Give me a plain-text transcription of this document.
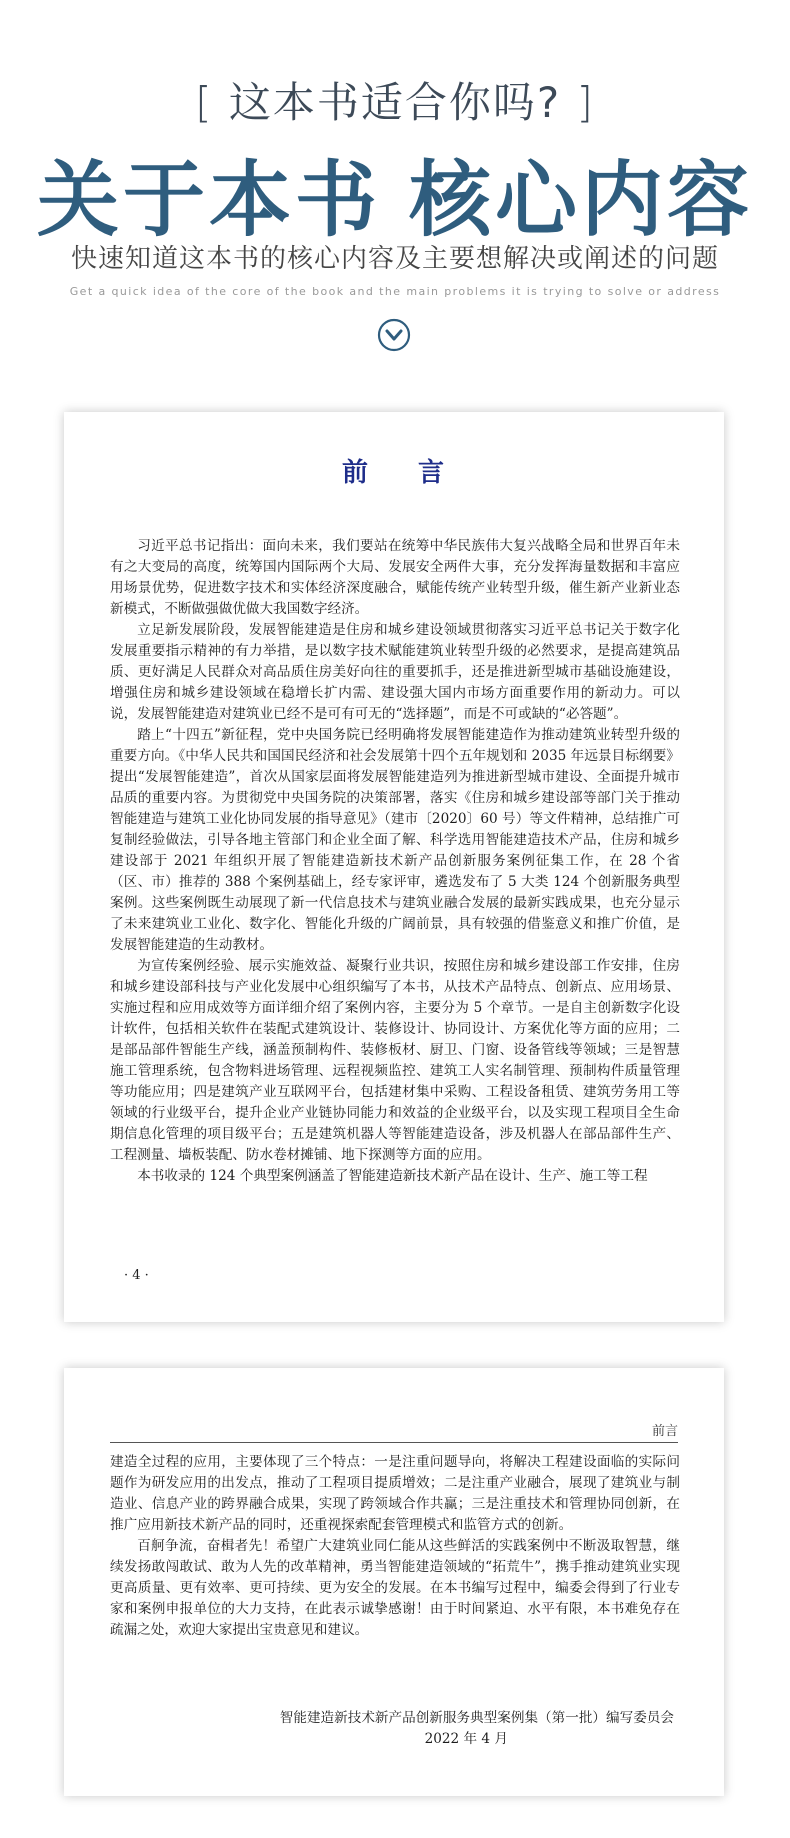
[ 这本书适合你吗? ]
关于本书 核心内容
快速知道这本书的核心内容及主要想解决或阐述的问题
Get a quick idea of the core of the book and the main problems it is trying to solve or address
前 言

习近平总书记指出：面向未来，我们要站在统筹中华民族伟大复兴战略全局和世界百年未有之大变局的高度，统筹国内国际两个大局、发展安全两件大事，充分发挥海量数据和丰富应用场景优势，促进数字技术和实体经济深度融合，赋能传统产业转型升级，催生新产业新业态新模式，不断做强做优做大我国数字经济。

立足新发展阶段，发展智能建造是住房和城乡建设领域贯彻落实习近平总书记关于数字化发展重要指示精神的有力举措，是以数字技术赋能建筑业转型升级的必然要求，是提高建筑品质、更好满足人民群众对高品质住房美好向往的重要抓手，还是推进新型城市基础设施建设，增强住房和城乡建设领域在稳增长扩内需、建设强大国内市场方面重要作用的新动力。可以说，发展智能建造对建筑业已经不是可有可无的“选择题”，而是不可或缺的“必答题”。

踏上“十四五”新征程，党中央国务院已经明确将发展智能建造作为推动建筑业转型升级的重要方向。《中华人民共和国国民经济和社会发展第十四个五年规划和 2035 年远景目标纲要》提出“发展智能建造”，首次从国家层面将发展智能建造列为推进新型城市建设、全面提升城市品质的重要内容。为贯彻党中央国务院的决策部署，落实《住房和城乡建设部等部门关于推动智能建造与建筑工业化协同发展的指导意见》（建市〔2020〕60 号）等文件精神，总结推广可复制经验做法，引导各地主管部门和企业全面了解、科学选用智能建造技术产品，住房和城乡建设部于 2021 年组织开展了智能建造新技术新产品创新服务案例征集工作，在 28 个省（区、市）推荐的 388 个案例基础上，经专家评审，遴选发布了 5 大类 124 个创新服务典型案例。这些案例既生动展现了新一代信息技术与建筑业融合发展的最新实践成果，也充分显示了未来建筑业工业化、数字化、智能化升级的广阔前景，具有较强的借鉴意义和推广价值，是发展智能建造的生动教材。

为宣传案例经验、展示实施效益、凝聚行业共识，按照住房和城乡建设部工作安排，住房和城乡建设部科技与产业化发展中心组织编写了本书，从技术产品特点、创新点、应用场景、实施过程和应用成效等方面详细介绍了案例内容，主要分为 5 个章节。一是自主创新数字化设计软件，包括相关软件在装配式建筑设计、装修设计、协同设计、方案优化等方面的应用；二是部品部件智能生产线，涵盖预制构件、装修板材、厨卫、门窗、设备管线等领域；三是智慧施工管理系统，包含物料进场管理、远程视频监控、建筑工人实名制管理、预制构件质量管理等功能应用；四是建筑产业互联网平台，包括建材集中采购、工程设备租赁、建筑劳务用工等领域的行业级平台，提升企业产业链协同能力和效益的企业级平台，以及实现工程项目全生命期信息化管理的项目级平台；五是建筑机器人等智能建造设备，涉及机器人在部品部件生产、工程测量、墙板装配、防水卷材摊铺、地下探测等方面的应用。

本书收录的 124 个典型案例涵盖了智能建造新技术新产品在设计、生产、施工等工程

· 4 ·
前言

建造全过程的应用，主要体现了三个特点：一是注重问题导向，将解决工程建设面临的实际问题作为研发应用的出发点，推动了工程项目提质增效；二是注重产业融合，展现了建筑业与制造业、信息产业的跨界融合成果，实现了跨领域合作共赢；三是注重技术和管理协同创新，在推广应用新技术新产品的同时，还重视探索配套管理模式和监管方式的创新。

百舸争流，奋楫者先！希望广大建筑业同仁能从这些鲜活的实践案例中不断汲取智慧，继续发扬敢闯敢试、敢为人先的改革精神，勇当智能建造领域的“拓荒牛”，携手推动建筑业实现更高质量、更有效率、更可持续、更为安全的发展。在本书编写过程中，编委会得到了行业专家和案例申报单位的大力支持，在此表示诚挚感谢！由于时间紧迫、水平有限，本书难免存在疏漏之处，欢迎大家提出宝贵意见和建议。

智能建造新技术新产品创新服务典型案例集（第一批）编写委员会
2022 年 4 月
